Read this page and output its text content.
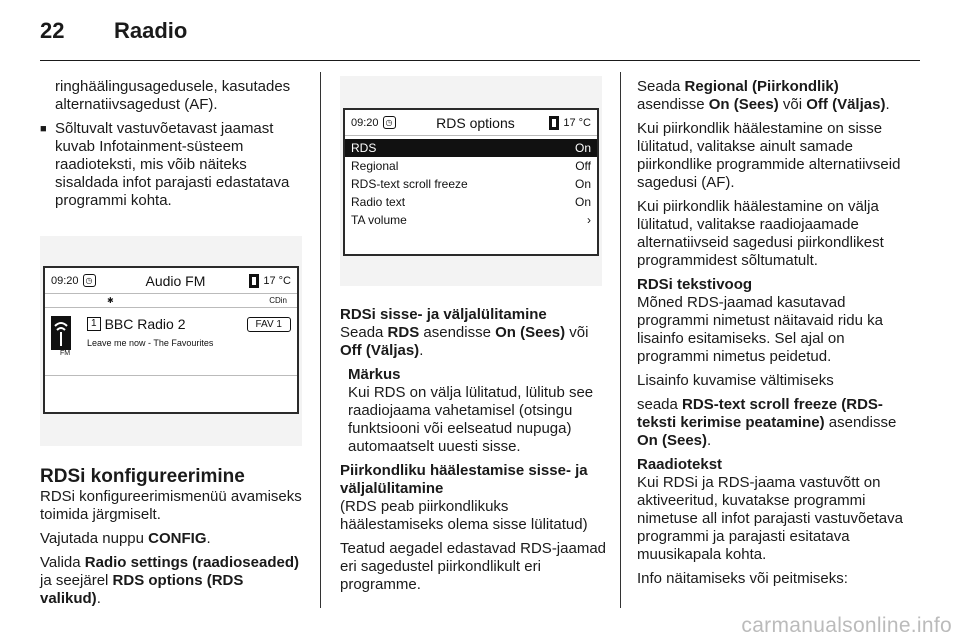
22 Raadio

ringhäälingusagedusele, kasutades alternatiivsagedust (AF).

■ Sõltuvalt vastuvõetavast jaamast kuvab Infotainment-süsteem raadioteksti, mis võib näiteks sisaldada infot parajasti edastatava programmi kohta.

09:20 ◷	Audio FM	17 °C
✱	CDin
FM
1 BBC Radio 2	FAV 1
Leave me now - The Favourites

RDSi konfigureerimine

RDSi konfigureerimismenüü avamiseks toimida järgmiselt.

Vajutada nuppu CONFIG.

Valida Radio settings (raadioseaded) ja seejärel RDS options (RDS valikud).

09:20 ◷	RDS options	17 °C
RDS	On
Regional	Off
RDS-text scroll freeze	On
Radio text	On
TA volume	›

RDSi sisse- ja väljalülitamine

Seada RDS asendisse On (Sees) või Off (Väljas).

Märkus

Kui RDS on välja lülitatud, lülitub see raadiojaama vahetamisel (otsingu funktsiooni või eelseatud nupuga) automaatselt uuesti sisse.

Piirkondliku häälestamise sisse- ja väljalülitamine

(RDS peab piirkondlikuks häälestamiseks olema sisse lülitatud)

Teatud aegadel edastavad RDS-jaamad eri sagedustel piirkondlikult eri programme.

Seada Regional (Piirkondlik) asendisse On (Sees) või Off (Väljas).

Kui piirkondlik häälestamine on sisse lülitatud, valitakse ainult samade piirkondlike programmide alternatiivseid sagedusi (AF).

Kui piirkondlik häälestamine on välja lülitatud, valitakse raadiojaamade alternatiivseid sagedusi piirkondlikest programmidest sõltumatult.

RDSi tekstivoog

Mõned RDS-jaamad kasutavad programmi nimetust näitavaid ridu ka lisainfo esitamiseks. Sel ajal on programmi nimetus peidetud.

Lisainfo kuvamise vältimiseks

seada RDS-text scroll freeze (RDS-teksti kerimise peatamine) asendisse On (Sees).

Raadiotekst

Kui RDSi ja RDS-jaama vastuvõtt on aktiveeritud, kuvatakse programmi nimetuse all infot parajasti vastuvõetava programmi ja parajasti esitatava muusikapala kohta.

Info näitamiseks või peitmiseks:

carmanualsonline.info
